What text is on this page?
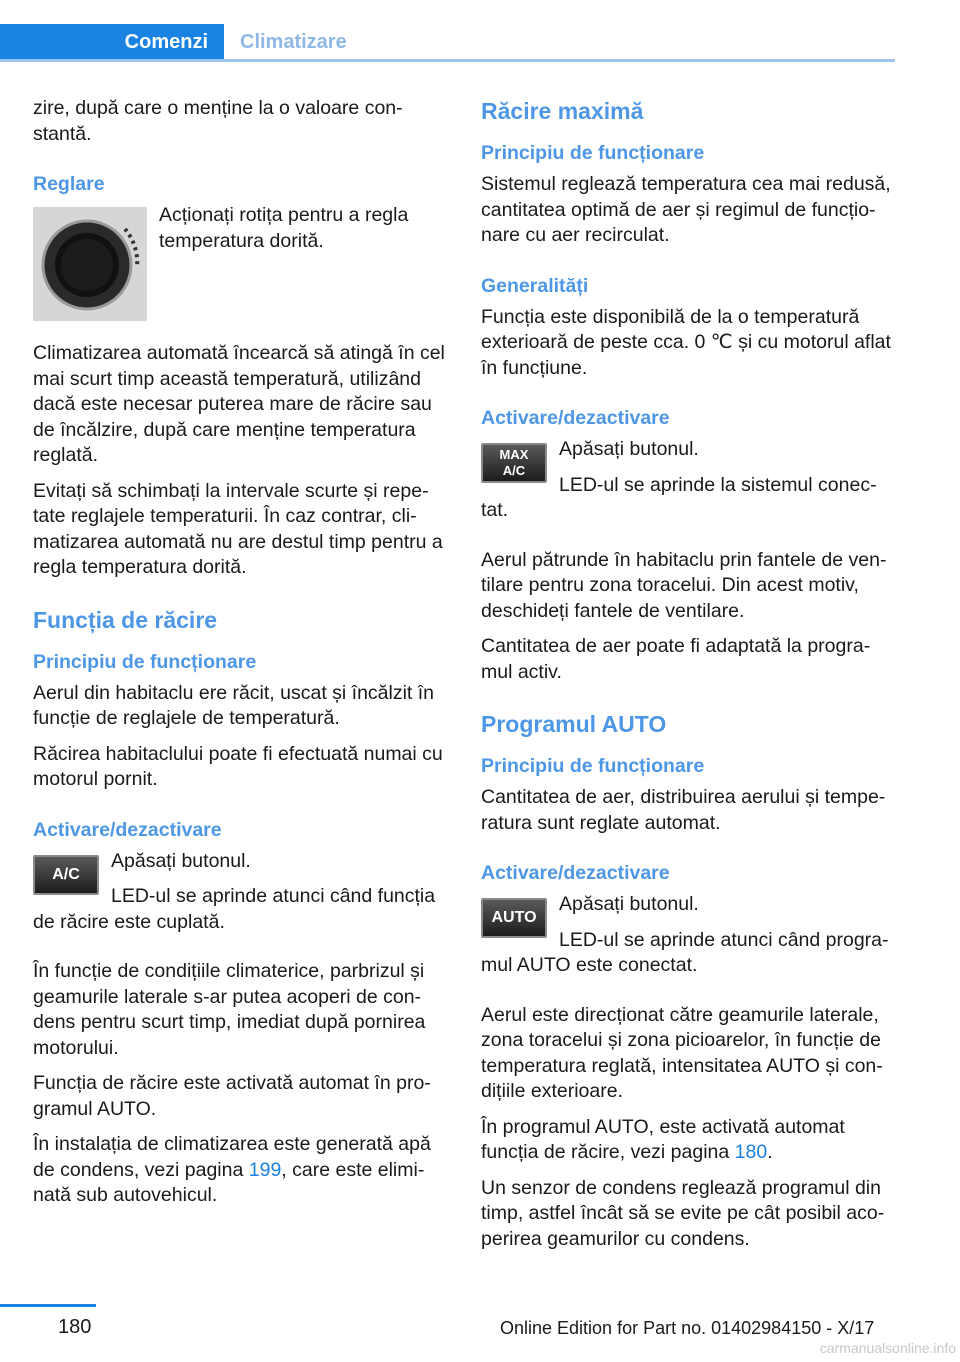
Comenzi	Climatizare

zire, după care o menține la o valoare con-stantă.

Reglare

Acționați rotița pentru a regla temperatura dorită.

Climatizarea automată încearcă să atingă în cel mai scurt timp această temperatură, utilizând dacă este necesar puterea mare de răcire sau de încălzire, după care menține temperatura reglată.

Evitați să schimbați la intervale scurte și repe-tate reglajele temperaturii. În caz contrar, cli-matizarea automată nu are destul timp pentru a regla temperatura dorită.

Funcția de răcire
Principiu de funcționare

Aerul din habitaclu ere răcit, uscat și încălzit în funcție de reglajele de temperatură.

Răcirea habitaclului poate fi efectuată numai cu motorul pornit.

Activare/dezactivare
A/C

Apăsați butonul.

LED-ul se aprinde atunci când funcția de răcire este cuplată.

În funcție de condițiile climaterice, parbrizul și geamurile laterale s-ar putea acoperi de con-dens pentru scurt timp, imediat după pornirea motorului.

Funcția de răcire este activată automat în pro-gramul AUTO.

În instalația de climatizarea este generată apă de condens, vezi pagina 199, care este elimi-nată sub autovehicul.

Răcire maximă
Principiu de funcționare

Sistemul reglează temperatura cea mai redusă, cantitatea optimă de aer și regimul de funcțio-nare cu aer recirculat.

Generalități

Funcția este disponibilă de la o temperatură exterioară de peste cca. 0 ℃ și cu motorul aflat în funcțiune.

Activare/dezactivare
MAX
A/C

Apăsați butonul.

LED-ul se aprinde la sistemul conec-tat.

Aerul pătrunde în habitaclu prin fantele de ven-tilare pentru zona toracelui. Din acest motiv, deschideți fantele de ventilare.

Cantitatea de aer poate fi adaptată la progra-mul activ.

Programul AUTO
Principiu de funcționare

Cantitatea de aer, distribuirea aerului și tempe-ratura sunt reglate automat.

Activare/dezactivare
AUTO

Apăsați butonul.

LED-ul se aprinde atunci când progra-mul AUTO este conectat.

Aerul este direcționat către geamurile laterale, zona toracelui și zona picioarelor, în funcție de temperatura reglată, intensitatea AUTO și con-dițiile exterioare.

În programul AUTO, este activată automat funcția de răcire, vezi pagina 180.

Un senzor de condens reglează programul din timp, astfel încât să se evite pe cât posibil aco-perirea geamurilor cu condens.

180	Online Edition for Part no. 01402984150 - X/17
carmanualsonline.info
